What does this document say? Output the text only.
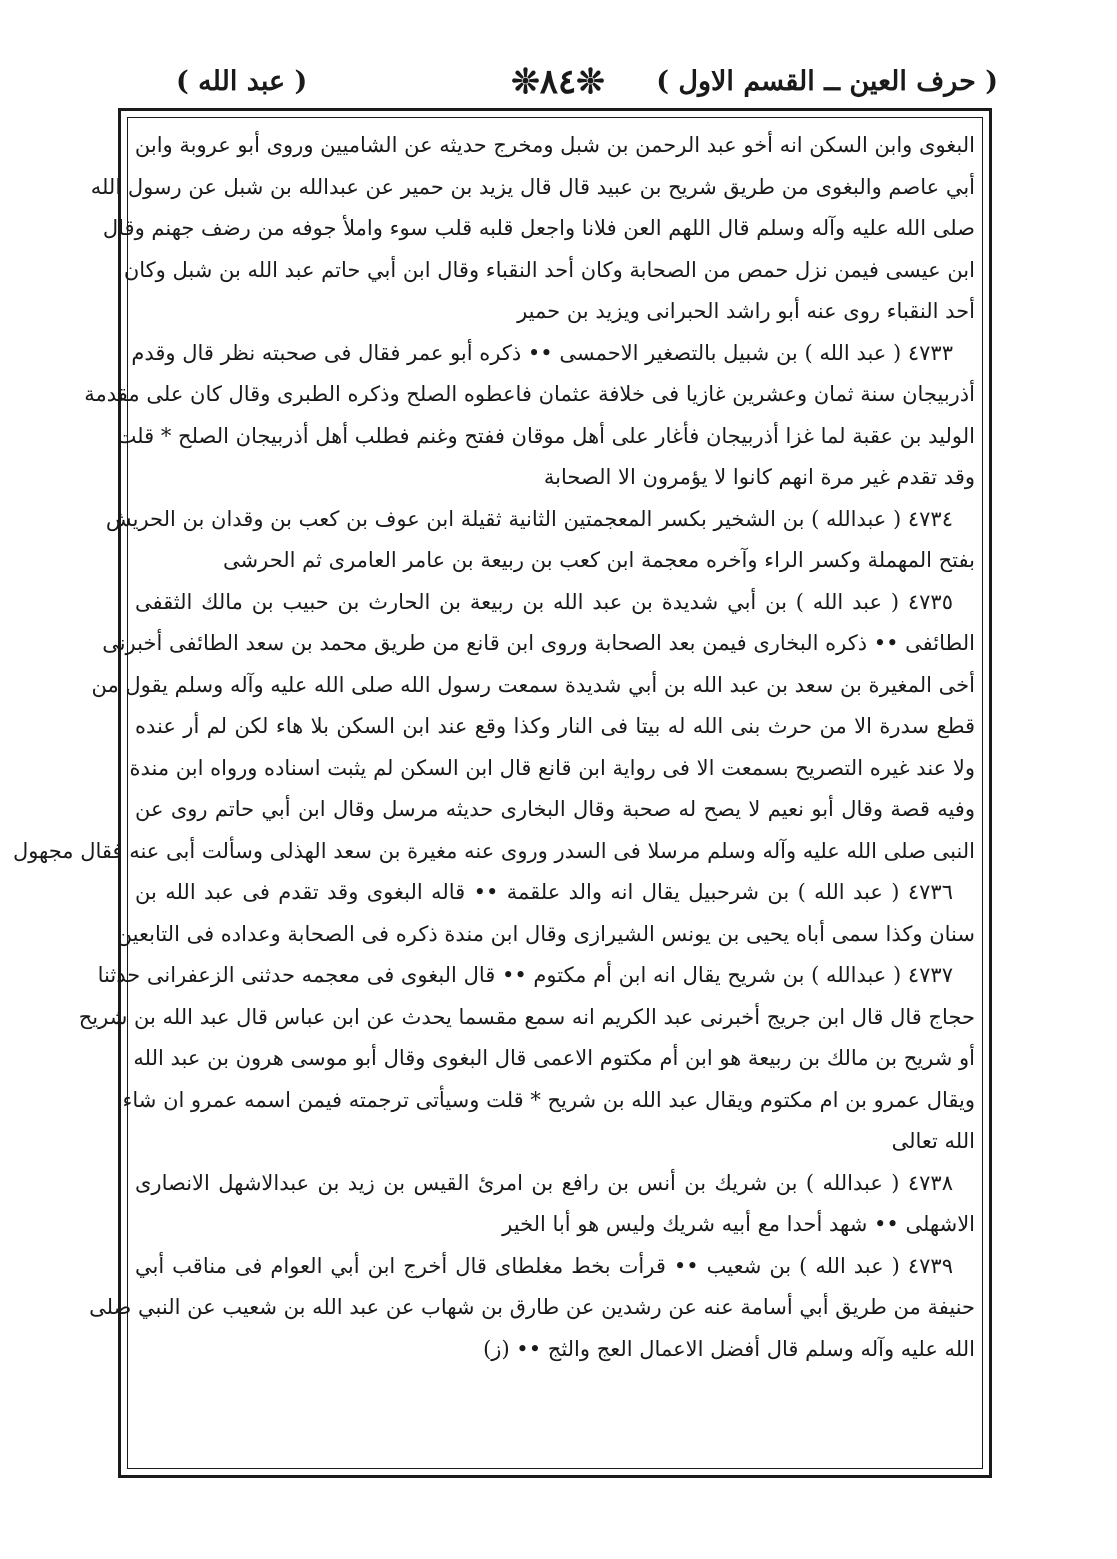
( حرف العين ــ القسم الاول )
❊٨٤❊
( عبد الله )
البغوى وابن السكن انه أخو عبد الرحمن بن شبل ومخرج حديثه عن الشاميين وروى أبو عروبة وابن
أبي عاصم والبغوى من طريق شريح بن عبيد قال قال يزيد بن حمير عن عبدالله بن شبل عن رسول الله
صلى الله عليه وآله وسلم قال اللهم العن فلانا واجعل قلبه قلب سوء واملأ جوفه من رضف جهنم وقال
ابن عيسى فيمن نزل حمص من الصحابة وكان أحد النقباء وقال ابن أبي حاتم عبد الله بن شبل وكان
أحد النقباء روى عنه أبو راشد الحبرانى ويزيد بن حمير
٤٧٣٣ ( عبد الله ) بن شبيل بالتصغير الاحمسى •• ذكره أبو عمر فقال فى صحبته نظر قال وقدم
أذربيجان سنة ثمان وعشرين غازيا فى خلافة عثمان فاعطوه الصلح وذكره الطبرى وقال كان على مقدمة
الوليد بن عقبة لما غزا أذربيجان فأغار على أهل موقان ففتح وغنم فطلب أهل أذربيجان الصلح * قلت
وقد تقدم غير مرة انهم كانوا لا يؤمرون الا الصحابة
٤٧٣٤ ( عبدالله ) بن الشخير بكسر المعجمتين الثانية ثقيلة ابن عوف بن كعب بن وقدان بن الحريش
بفتح المهملة وكسر الراء وآخره معجمة ابن كعب بن ربيعة بن عامر العامرى ثم الحرشى
٤٧٣٥ ( عبد الله ) بن أبي شديدة بن عبد الله بن ربيعة بن الحارث بن حبيب بن مالك الثقفى
الطائفى •• ذكره البخارى فيمن بعد الصحابة وروى ابن قانع من طريق محمد بن سعد الطائفى أخبرنى
أخى المغيرة بن سعد بن عبد الله بن أبي شديدة سمعت رسول الله صلى الله عليه وآله وسلم يقول من
قطع سدرة الا من حرث بنى الله له بيتا فى النار وكذا وقع عند ابن السكن بلا هاء لكن لم أر عنده
ولا عند غيره التصريح بسمعت الا فى رواية ابن قانع قال ابن السكن لم يثبت اسناده ورواه ابن مندة
وفيه قصة وقال أبو نعيم لا يصح له صحبة وقال البخارى حديثه مرسل وقال ابن أبي حاتم روى عن
النبى صلى الله عليه وآله وسلم مرسلا فى السدر وروى عنه مغيرة بن سعد الهذلى وسألت أبى عنه فقال مجهول
٤٧٣٦ ( عبد الله ) بن شرحبيل يقال انه والد علقمة •• قاله البغوى وقد تقدم فى عبد الله بن
سنان وكذا سمى أباه يحيى بن يونس الشيرازى وقال ابن مندة ذكره فى الصحابة وعداده فى التابعين
٤٧٣٧ ( عبدالله ) بن شريح يقال انه ابن أم مكتوم •• قال البغوى فى معجمه حدثنى الزعفرانى حدثنا
حجاج قال قال ابن جريج أخبرنى عبد الكريم انه سمع مقسما يحدث عن ابن عباس قال عبد الله بن شريح
أو شريح بن مالك بن ربيعة هو ابن أم مكتوم الاعمى قال البغوى وقال أبو موسى هرون بن عبد الله
ويقال عمرو بن ام مكتوم ويقال عبد الله بن شريح * قلت وسيأتى ترجمته فيمن اسمه عمرو ان شاء
الله تعالى
٤٧٣٨ ( عبدالله ) بن شريك بن أنس بن رافع بن امرئ القيس بن زيد بن عبدالاشهل الانصارى
الاشهلى •• شهد أحدا مع أبيه شريك وليس هو أبا الخير
٤٧٣٩ ( عبد الله ) بن شعيب •• قرأت بخط مغلطاى قال أخرج ابن أبي العوام فى مناقب أبي
حنيفة من طريق أبي أسامة عنه عن رشدين عن طارق بن شهاب عن عبد الله بن شعيب عن النبي صلى
الله عليه وآله وسلم قال أفضل الاعمال العج والثج •• (ز)
